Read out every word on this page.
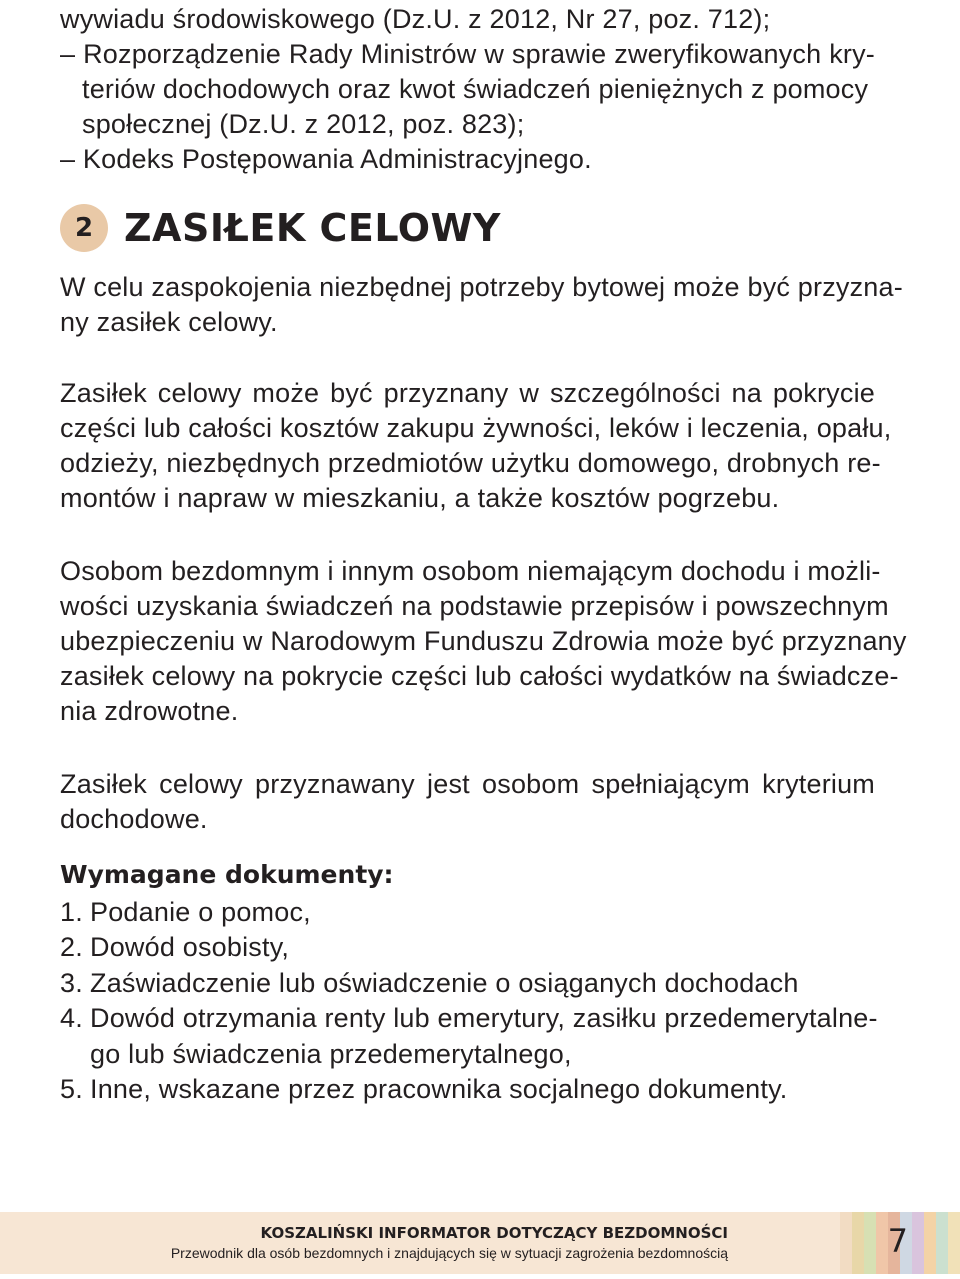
wywiadu środowiskowego (Dz.U. z 2012, Nr 27, poz. 712);
– Rozporządzenie Rady Ministrów w sprawie zweryfikowanych kry-
teriów dochodowych oraz kwot świadczeń pieniężnych z pomocy
społecznej (Dz.U. z 2012, poz. 823);
– Kodeks Postępowania Administracyjnego.
2 ZASIŁEK CELOWY
W celu zaspokojenia niezbędnej potrzeby bytowej może być przyzna-
ny zasiłek celowy.
Zasiłek celowy może być przyznany w szczególności na pokrycie
części lub całości kosztów zakupu żywności, leków i leczenia, opału,
odzieży, niezbędnych przedmiotów użytku domowego, drobnych re-
montów i napraw w mieszkaniu, a także kosztów pogrzebu.
Osobom bezdomnym i innym osobom niemającym dochodu i możli-
wości uzyskania świadczeń na podstawie przepisów i powszechnym
ubezpieczeniu w Narodowym Funduszu Zdrowia może być przyznany
zasiłek celowy na pokrycie części lub całości wydatków na świadcze-
nia zdrowotne.
Zasiłek celowy przyznawany jest osobom spełniającym kryterium
dochodowe.
Wymagane dokumenty:
1. Podanie o pomoc,
2. Dowód osobisty,
3. Zaświadczenie lub oświadczenie o osiąganych dochodach
4. Dowód otrzymania renty lub emerytury, zasiłku przedemerytalne-
go lub świadczenia przedemerytalnego,
5. Inne, wskazane przez pracownika socjalnego dokumenty.
KOSZALIŃSKI INFORMATOR DOTYCZĄCY BEZDOMNOŚCI
Przewodnik dla osób bezdomnych i znajdujących się w sytuacji zagrożenia bezdomnością	7
